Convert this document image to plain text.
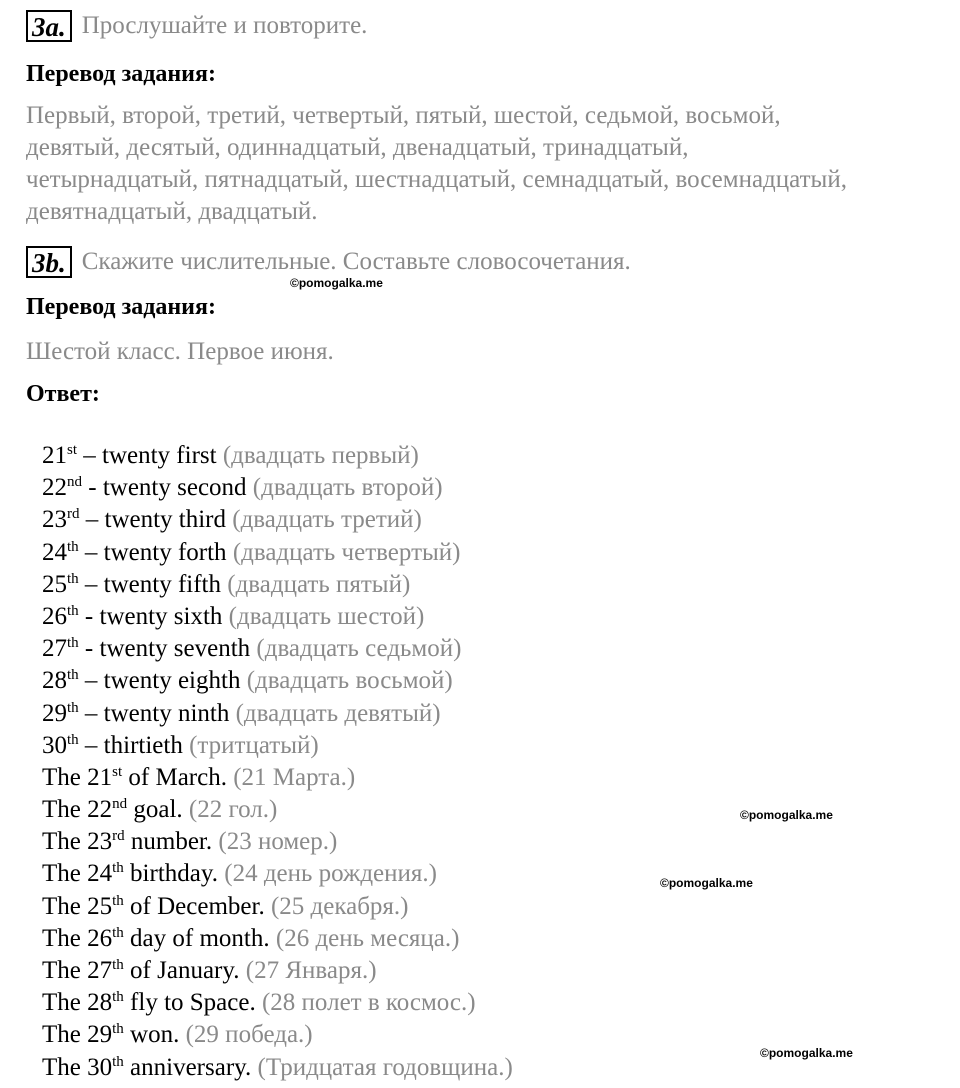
3a. Прослушайте и повторите.
Перевод задания:
Первый, второй, третий, четвертый, пятый, шестой, седьмой, восьмой,
девятый, десятый, одиннадцатый, двенадцатый, тринадцатый,
четырнадцатый, пятнадцатый, шестнадцатый, семнадцатый, восемнадцатый,
девятнадцатый, двадцатый.
3b. Скажите числительные. Составьте словосочетания.
©pomogalka.me
Перевод задания:
Шестой класс. Первое июня.
Ответ:
21st – twenty first (двадцать первый)
22nd - twenty second (двадцать второй)
23rd – twenty third (двадцать третий)
24th – twenty forth (двадцать четвертый)
25th – twenty fifth (двадцать пятый)
26th - twenty sixth (двадцать шестой)
27th - twenty seventh (двадцать седьмой)
28th – twenty eighth (двадцать восьмой)
29th – twenty ninth (двадцать девятый)
30th – thirtieth (тритцатый)
The 21st of March. (21 Марта.)
The 22nd goal. (22 гол.)
The 23rd number. (23 номер.)
The 24th birthday. (24 день рождения.)
The 25th of December. (25 декабря.)
The 26th day of month. (26 день месяца.)
The 27th of January. (27 Января.)
The 28th fly to Space. (28 полет в космос.)
The 29th won. (29 победа.)
The 30th anniversary. (Тридцатая годовщина.)
©pomogalka.me
©pomogalka.me
©pomogalka.me
